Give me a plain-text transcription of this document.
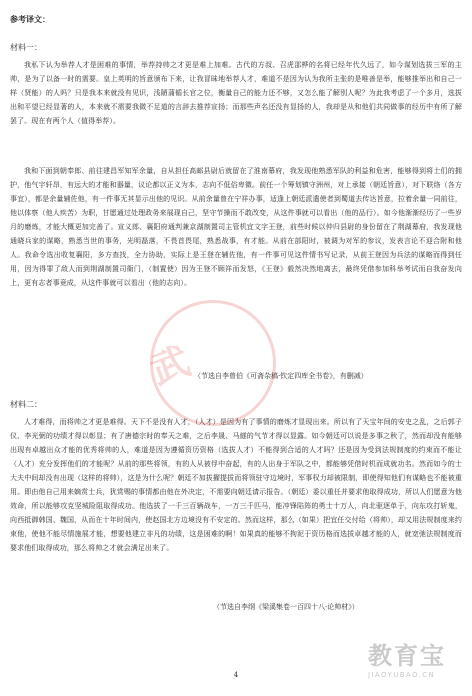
参考译文：
材料一：

我私下认为举荐人才是困难的事情，举荐持帅之才更是难上加难。古代的方叔、召虎邵桦的名将已经年代久远了，如今谋划选拔三军的主帅，是为了以备一时的需要。皇上英明的旨意颁布下来，让我冒昧地举荐人才，难道不是因为认为我所主张的是唯善是举，能够推举出和自己一样（贤能）的人吗？只是我本来就没有见识，浅陋蒲循长官之位，衡量自己的能力还不够，又怎么能了解别人呢？为此我考虑了一个多月，选拔出和平望已经显著的人，本来就不需要我微不足道的言辞去推荐宣扬；而那些声名还没有显扬的人，我却是从和他们共同做事的经历中有所了解罢了。现在有两个人（值得举荐）。

我和下面到朝奉郎、前往建昌军知军余量，自从担任高邮县尉后就留在了淮南幕府，我发现他熟悉军队的利益和危害，能够得到将士们的拥护，他气宇轩昂，有远大的才能和器量，议论都以正义为本，志向不低俗卑微。前任一个筹划镇守洲州，对上承接（朝廷旨意），对下联络（各方事宜），都是余量辅佐他，有一件事无其显示出他的见识。从前余量曾在宁祥办事，适逢上朝廷派遣使者到蜀道去传达旨意，拉着余量一同前往，他以体察（他人疾苦）为职，甘愿通过处理政务来展现自己，坚守节操而不敢改变，从这件事就可以看出（他的品行）。如今他渐渐经历了一些岁月的磨炼，才能大概更加完善了。宣义郎、襄阳府通判兼京湖制置司主管机宜文字王登，前些时候以仲归县尉的身份留在了荆湖幕府，我发现他通晓兵家的谋略，熟悉当世的事务，光明磊落，不畏首畏尾，熟悉战事，有才能。从前在部阳时，被调为对军的参议，发表言论不迎合附和他人。我命令选出收复襄阳，多方查找，全力协助，实际上是王登在辅佐他，有一件事可见这件情书写记录，从前王登因为兵法的谋略而得到任用，因为得罪了敌人而到荆湖制置司衙门，（制置使）因为王登不顾祥而发怒，《王登》毅然决然地离去，最终凭借参加科举考试而自我奋发向上，更有志者事竟成，从这件事就可以看出（他的志向）。

（节选自李曾伯《可斋杂稿·钦定四库全书卷》，有删减）
材料二：

人才难得，而将帅之才更是难得。天下不是没有人才，（人才）是因为有了事情的磨炼才显现出来。所以有了天宝年间的安史之乱，之后郭子仪、李光弼的功绩才得以彰显；有了唐德宗时的奉天之难，之后李晟、马燧的气节才得以显露。如今朝廷可以说是多事之秋了，然而却没有能够出现有卓越出众才能的优秀将帅的人，难道是因为遵循资历资格（选拔人才）不能得到合适的人才吗？还是因为受到法规制度的约束而不能让（人才）充分发挥他们的才能呢？从前的那些将领，有的人从被俘中奋起，有的人出身于军队之中，都能够凭借时机而成就功名。然而如今的士大夫中间却没有出现（这样的将帅），这是为什么呢？朝廷不加拔擢提拔而将领驻守边境时，军事权力却被限制，即使得知他们有谋略也不能被重用。即由他自己用来嫡赏士兵，犹赏赐的事情都由他在外决定，不需要向朝廷请示报告。（朝廷）委以重任并要求他取得成功，所以人们愿意为他效命，所以能够攻克坚城险阻取得成功。他选拔了一千三百辆战车，一万三千匹马，能冲锋陷阵的勇士十万人，向北驱逐单于，向东攻打斩鬼，向西抵御韩国、魏国，从而在十年时间内，使赵国北方边境没有不安定的。然而这样，那么（如果）把宜任交付给（将帅），却又用法规制度来约束他，使他不能尽情施展才能，想要他建立非凡的功绩，这是困难的啊！如果真的能够不拘泥于资历格而选拔卓越才能的人，就宽弛法规制度而要求他们取得成功，那么将帅之才就会满足出来了。

（节选自李纲《梁溪集卷一百四十八·论帅材》）
4
武
教育宝
JIAOYUBAO.CN
